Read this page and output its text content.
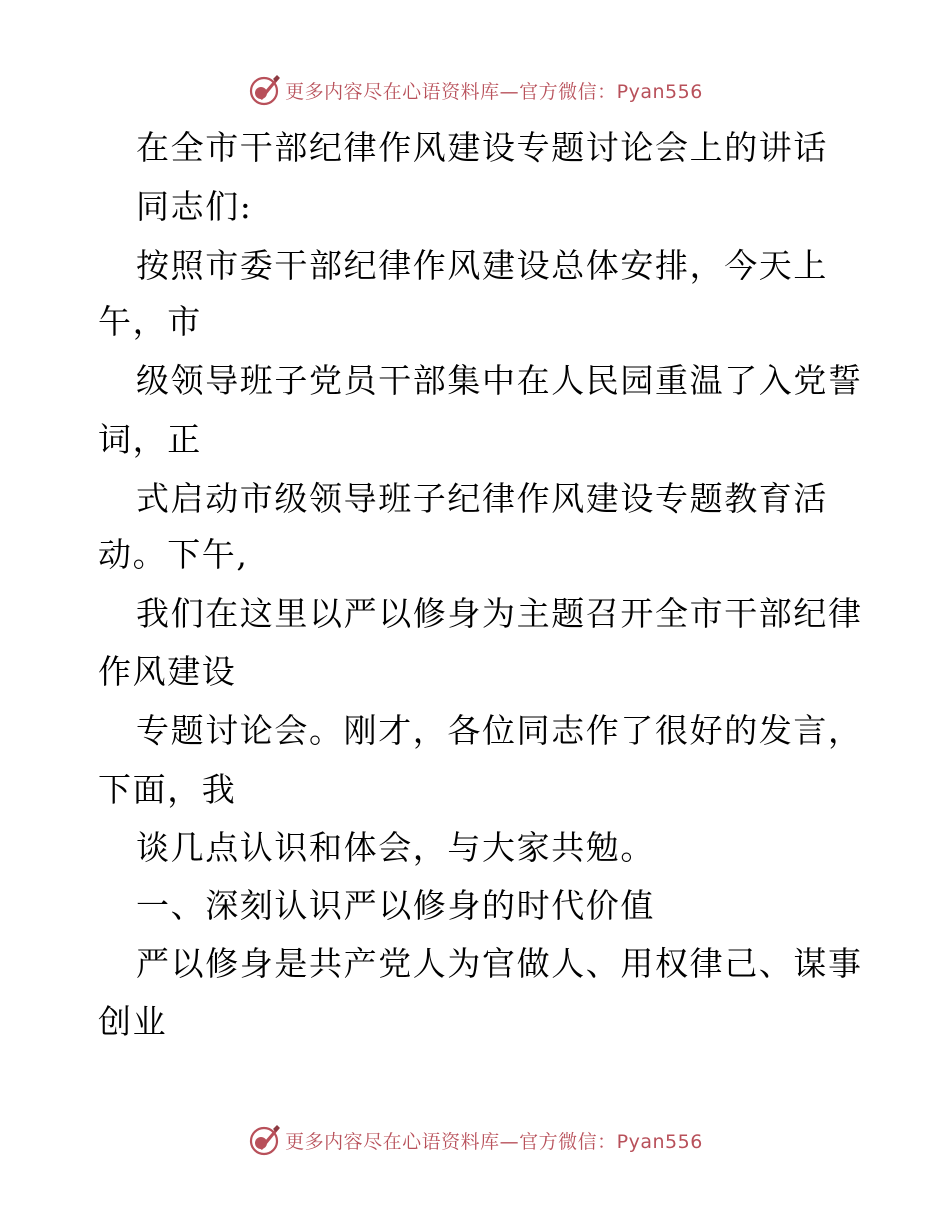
更多内容尽在心语资料库—官方微信：Pyan556
在全市干部纪律作风建设专题讨论会上的讲话
同志们:
按照市委干部纪律作风建设总体安排，今天上
午，市
级领导班子党员干部集中在人民园重温了入党誓
词，正
式启动市级领导班子纪律作风建设专题教育活
动。下午,
我们在这里以严以修身为主题召开全市干部纪律
作风建设
专题讨论会。刚才，各位同志作了很好的发言，
下面，我
谈几点认识和体会，与大家共勉。
一、深刻认识严以修身的时代价值
严以修身是共产党人为官做人、用权律己、谋事
创业
更多内容尽在心语资料库—官方微信：Pyan556
